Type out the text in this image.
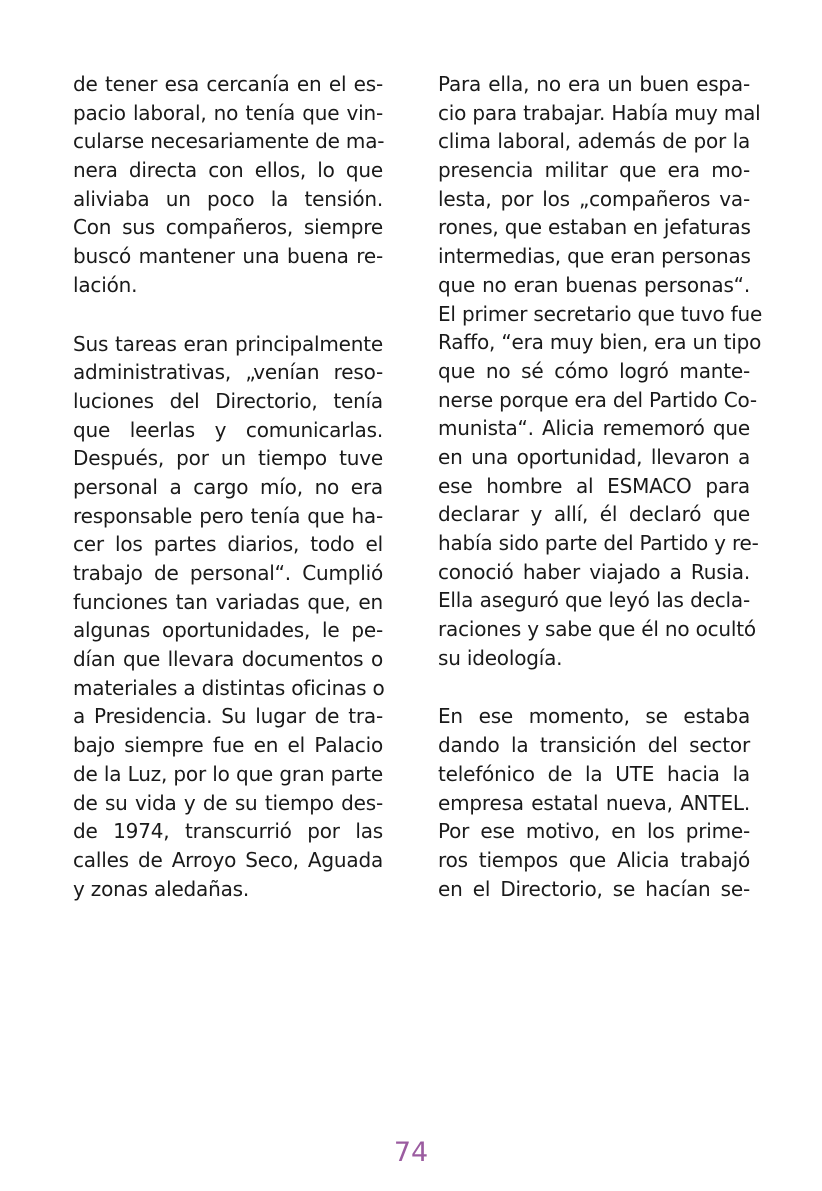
de tener esa cercanía en el es-
pacio laboral, no tenía que vin-
cularse necesariamente de ma-
nera directa con ellos, lo que
aliviaba un poco la tensión.
Con sus compañeros, siempre
buscó mantener una buena re-
lación.
Sus tareas eran principalmente
administrativas, „venían reso-
luciones del Directorio, tenía
que leerlas y comunicarlas.
Después, por un tiempo tuve
personal a cargo mío, no era
responsable pero tenía que ha-
cer los partes diarios, todo el
trabajo de personal“. Cumplió
funciones tan variadas que, en
algunas oportunidades, le pe-
dían que llevara documentos o
materiales a distintas oficinas o
a Presidencia. Su lugar de tra-
bajo siempre fue en el Palacio
de la Luz, por lo que gran parte
de su vida y de su tiempo des-
de 1974, transcurrió por las
calles de Arroyo Seco, Aguada
y zonas aledañas.
Para ella, no era un buen espa-
cio para trabajar. Había muy mal
clima laboral, además de por la
presencia militar que era mo-
lesta, por los „compañeros va-
rones, que estaban en jefaturas
intermedias, que eran personas
que no eran buenas personas“.
El primer secretario que tuvo fue
Raffo, “era muy bien, era un tipo
que no sé cómo logró mante-
nerse porque era del Partido Co-
munista“. Alicia rememoró que
en una oportunidad, llevaron a
ese hombre al ESMACO para
declarar y allí, él declaró que
había sido parte del Partido y re-
conoció haber viajado a Rusia.
Ella aseguró que leyó las decla-
raciones y sabe que él no ocultó
su ideología.
En ese momento, se estaba
dando la transición del sector
telefónico de la UTE hacia la
empresa estatal nueva, ANTEL.
Por ese motivo, en los prime-
ros tiempos que Alicia trabajó
en el Directorio, se hacían se-
74
